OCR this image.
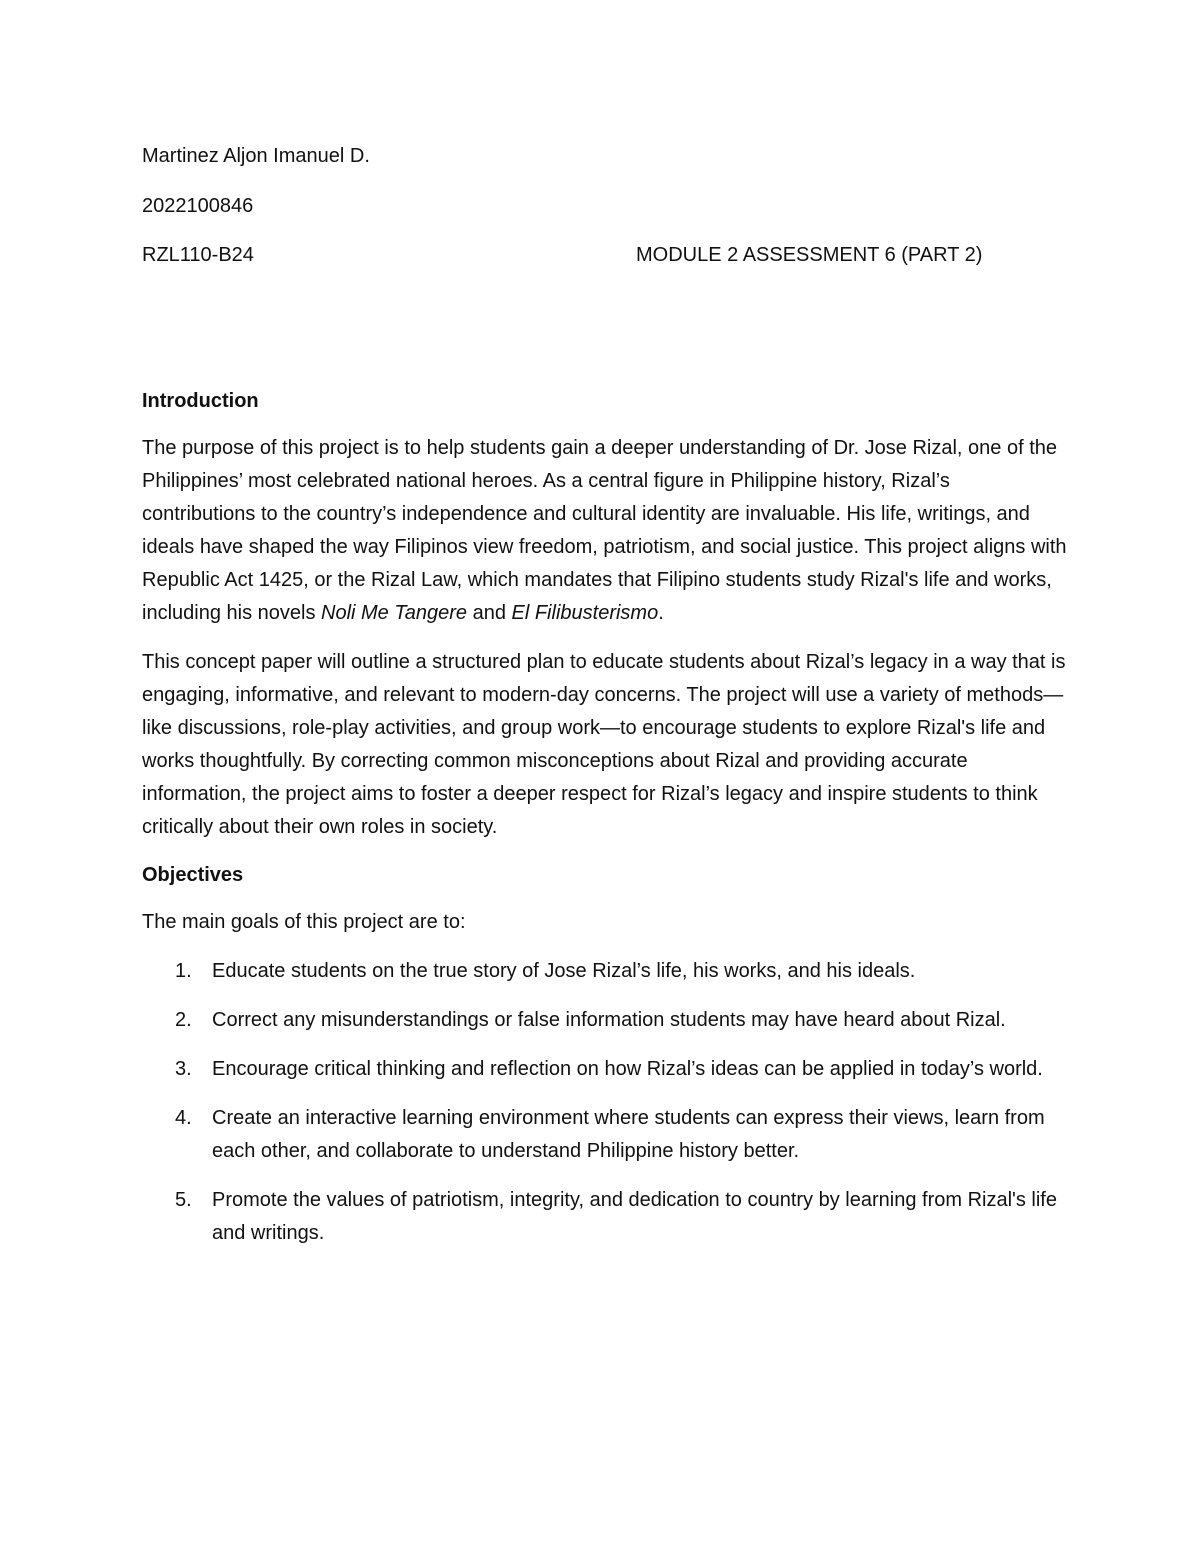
Martinez Aljon Imanuel D.

2022100846

RZL110-B24	MODULE 2 ASSESSMENT 6 (PART 2)
Introduction

The purpose of this project is to help students gain a deeper understanding of Dr. Jose Rizal, one of the Philippines’ most celebrated national heroes. As a central figure in Philippine history, Rizal’s contributions to the country’s independence and cultural identity are invaluable. His life, writings, and ideals have shaped the way Filipinos view freedom, patriotism, and social justice. This project aligns with Republic Act 1425, or the Rizal Law, which mandates that Filipino students study Rizal's life and works, including his novels Noli Me Tangere and El Filibusterismo.

This concept paper will outline a structured plan to educate students about Rizal’s legacy in a way that is engaging, informative, and relevant to modern-day concerns. The project will use a variety of methods—like discussions, role-play activities, and group work—to encourage students to explore Rizal's life and works thoughtfully. By correcting common misconceptions about Rizal and providing accurate information, the project aims to foster a deeper respect for Rizal’s legacy and inspire students to think critically about their own roles in society.

Objectives

The main goals of this project are to:

1. Educate students on the true story of Jose Rizal’s life, his works, and his ideals.
2. Correct any misunderstandings or false information students may have heard about Rizal.
3. Encourage critical thinking and reflection on how Rizal’s ideas can be applied in today’s world.
4. Create an interactive learning environment where students can express their views, learn from each other, and collaborate to understand Philippine history better.
5. Promote the values of patriotism, integrity, and dedication to country by learning from Rizal's life and writings.
